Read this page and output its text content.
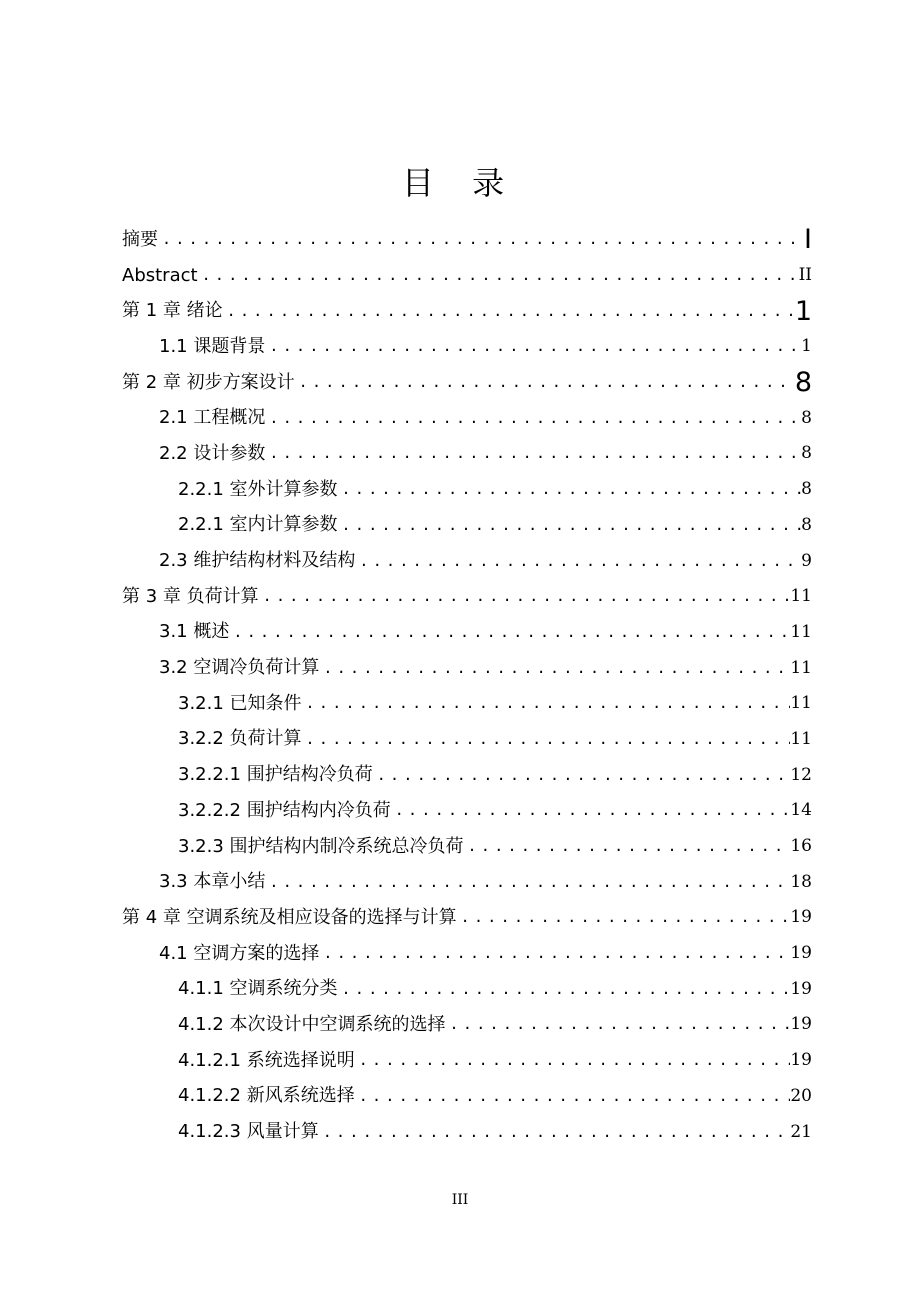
目 录
摘要 .....	I
Abstract .....	II
第 1 章 绪论 .....	1
1.1 课题背景 .....	1
第 2 章 初步方案设计 .....	8
2.1 工程概况 .....	8
2.2 设计参数 .....	8
2.2.1 室外计算参数 .....	8
2.2.1 室内计算参数 .....	8
2.3 维护结构材料及结构 .....	9
第 3 章 负荷计算 .....	11
3.1 概述 .....	11
3.2 空调冷负荷计算 .....	11
3.2.1 已知条件 .....	11
3.2.2 负荷计算 .....	11
3.2.2.1 围护结构冷负荷 .....	12
3.2.2.2 围护结构内冷负荷 .....	14
3.2.3 围护结构内制冷系统总冷负荷 .....	16
3.3 本章小结 .....	18
第 4 章 空调系统及相应设备的选择与计算 .....	19
4.1 空调方案的选择 .....	19
4.1.1 空调系统分类 .....	19
4.1.2 本次设计中空调系统的选择 .....	19
4.1.2.1 系统选择说明 .....	19
4.1.2.2 新风系统选择 .....	20
4.1.2.3 风量计算 .....	21
III
